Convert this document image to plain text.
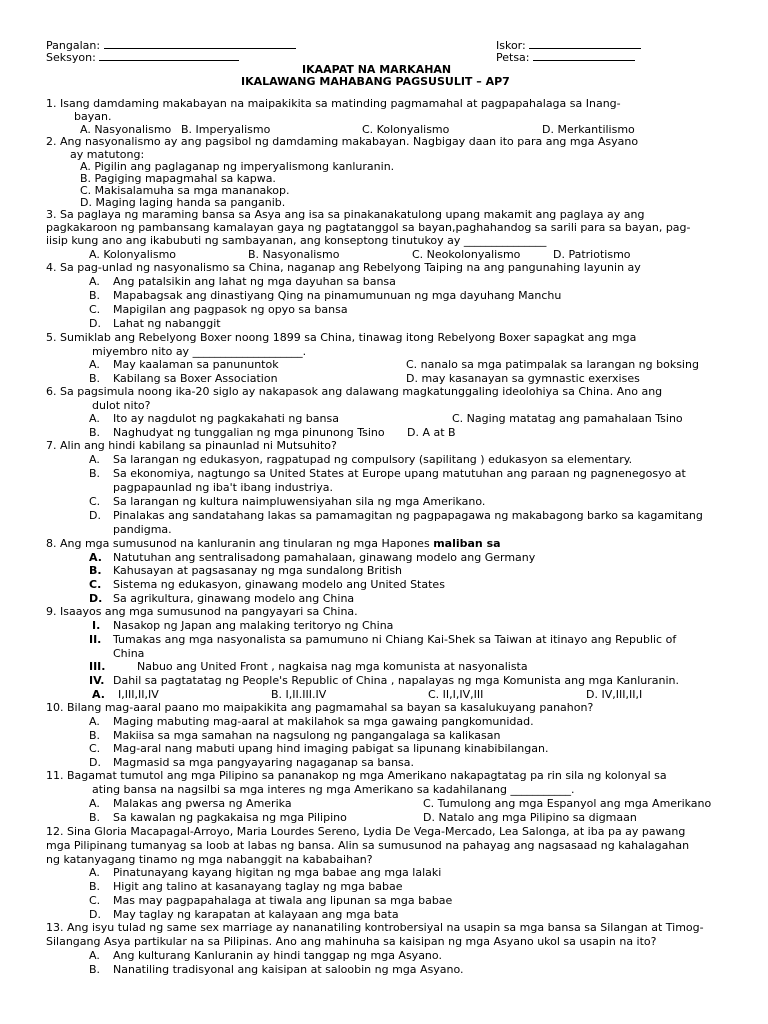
Pangalan:
Seksyon:
Iskor:
Petsa:
IKAAPAT NA MARKAHAN
IKALAWANG MAHABANG PAGSUSULIT – AP7
1. Isang damdaming makabayan na maipakikita sa matinding pagmamahal at pagpapahalaga sa Inang-
bayan.
A. Nasyonalismo B. Imperyalismo	C. Kolonyalismo	D. Merkantilismo
2. Ang nasyonalismo ay ang pagsibol ng damdaming makabayan. Nagbigay daan ito para ang mga Asyano
ay matutong:
A. Pigilin ang paglaganap ng imperyalismong kanluranin.
B. Pagiging mapagmahal sa kapwa.
C. Makisalamuha sa mga mananakop.
D. Maging laging handa sa panganib.
3. Sa paglaya ng maraming bansa sa Asya ang isa sa pinakanakatulong upang makamit ang paglaya ay ang
pagkakaroon ng pambansang kamalayan gaya ng pagtatanggol sa bayan,paghahandog sa sarili para sa bayan, pag-
iisip kung ano ang ikabubuti ng sambayanan, ang konseptong tinutukoy ay _______________
A. Kolonyalismo	B. Nasyonalismo	C. Neokolonyalismo	D. Patriotismo
4. Sa pag-unlad ng nasyonalismo sa China, naganap ang Rebelyong Taiping na ang pangunahing layunin ay
A. Ang patalsikin ang lahat ng mga dayuhan sa bansa
B. Mapabagsak ang dinastiyang Qing na pinamumunuan ng mga dayuhang Manchu
C. Mapigilan ang pagpasok ng opyo sa bansa
D. Lahat ng nabanggit
5. Sumiklab ang Rebelyong Boxer noong 1899 sa China, tinawag itong Rebelyong Boxer sapagkat ang mga
miyembro nito ay ____________________.
A. May kaalaman sa panununtok	C. nanalo sa mga patimpalak sa larangan ng boksing
B. Kabilang sa Boxer Association	D. may kasanayan sa gymnastic exerxises
6. Sa pagsimula noong ika-20 siglo ay nakapasok ang dalawang magkatunggaling ideolohiya sa China. Ano ang
dulot nito?
A. Ito ay nagdulot ng pagkakahati ng bansa	C. Naging matatag ang pamahalaan Tsino
B. Naghudyat ng tunggalian ng mga pinunong Tsino D. A at B
7. Alin ang hindi kabilang sa pinaunlad ni Mutsuhito?
A. Sa larangan ng edukasyon, ragpatupad ng compulsory (sapilitang ) edukasyon sa elementary.
B. Sa ekonomiya, nagtungo sa United States at Europe upang matutuhan ang paraan ng pagnenegosyo at
pagpapaunlad ng iba't ibang industriya.
C. Sa larangan ng kultura naimpluwensiyahan sila ng mga Amerikano.
D. Pinalakas ang sandatahang lakas sa pamamagitan ng pagpapagawa ng makabagong barko sa kagamitang
pandigma.
8. Ang mga sumusunod na kanluranin ang tinularan ng mga Hapones maliban sa
A. Natutuhan ang sentralisadong pamahalaan, ginawang modelo ang Germany
B. Kahusayan at pagsasanay ng mga sundalong British
C. Sistema ng edukasyon, ginawang modelo ang United States
D. Sa agrikultura, ginawang modelo ang China
9. Isaayos ang mga sumusunod na pangyayari sa China.
I. Nasakop ng Japan ang malaking teritoryo ng China
II. Tumakas ang mga nasyonalista sa pamumuno ni Chiang Kai-Shek sa Taiwan at itinayo ang Republic of
China
III.	Nabuo ang United Front , nagkaisa nag mga komunista at nasyonalista
IV. Dahil sa pagtatatag ng People's Republic of China , napalayas ng mga Komunista ang mga Kanluranin.
A. I,III,II,IV	B. I,II.III.IV	C. II,I,IV,III	D. IV,III,II,I
10. Bilang mag-aaral paano mo maipakikita ang pagmamahal sa bayan sa kasalukuyang panahon?
A. Maging mabuting mag-aaral at makilahok sa mga gawaing pangkomunidad.
B. Makiisa sa mga samahan na nagsulong ng pangangalaga sa kalikasan
C. Mag-aral nang mabuti upang hind imaging pabigat sa lipunang kinabibilangan.
D. Magmasid sa mga pangyayaring nagaganap sa bansa.
11. Bagamat tumutol ang mga Pilipino sa pananakop ng mga Amerikano nakapagtatag pa rin sila ng kolonyal sa
ating bansa na nagsilbi sa mga interes ng mga Amerikano sa kadahilanang ___________.
A. Malakas ang pwersa ng Amerika	C. Tumulong ang mga Espanyol ang mga Amerikano
B. Sa kawalan ng pagkakaisa ng mga Pilipino	D. Natalo ang mga Pilipino sa digmaan
12. Sina Gloria Macapagal-Arroyo, Maria Lourdes Sereno, Lydia De Vega-Mercado, Lea Salonga, at iba pa ay pawang
mga Pilipinang tumanyag sa loob at labas ng bansa. Alin sa sumusunod na pahayag ang nagsasaad ng kahalagahan
ng katanyagang tinamo ng mga nabanggit na kababaihan?
A. Pinatunayang kayang higitan ng mga babae ang mga lalaki
B. Higit ang talino at kasanayang taglay ng mga babae
C. Mas may pagpapahalaga at tiwala ang lipunan sa mga babae
D. May taglay ng karapatan at kalayaan ang mga bata
13. Ang isyu tulad ng same sex marriage ay nananatiling kontrobersiyal na usapin sa mga bansa sa Silangan at Timog-
Silangang Asya partikular na sa Pilipinas. Ano ang mahinuha sa kaisipan ng mga Asyano ukol sa usapin na ito?
A. Ang kulturang Kanluranin ay hindi tanggap ng mga Asyano.
B. Nanatiling tradisyonal ang kaisipan at saloobin ng mga Asyano.
